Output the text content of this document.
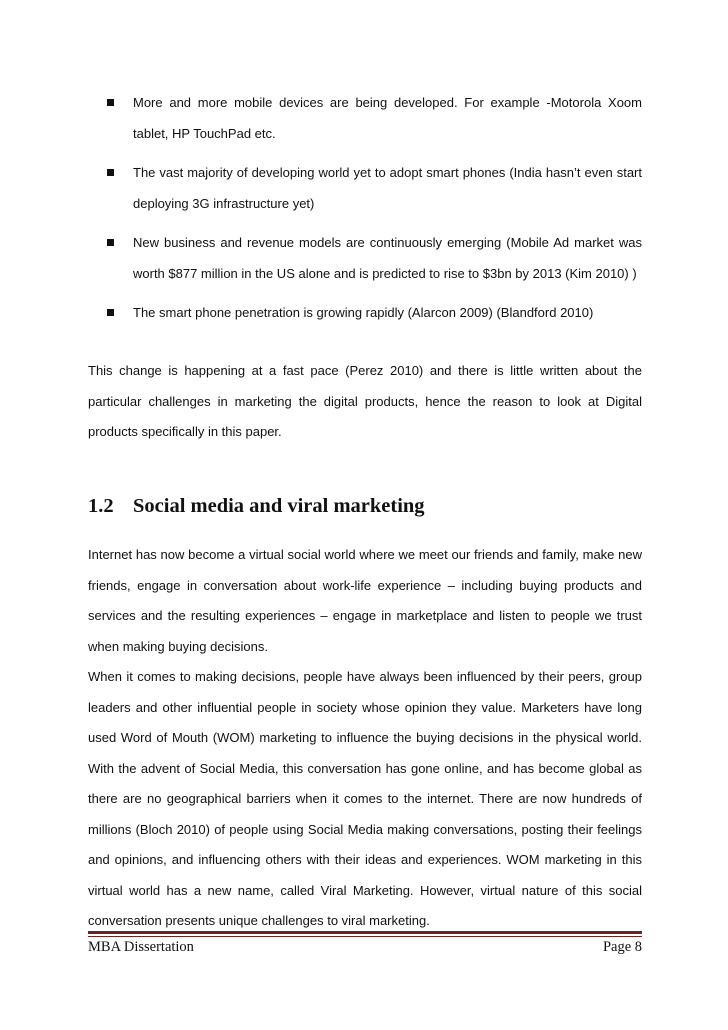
More and more mobile devices are being developed. For example -Motorola Xoom tablet, HP TouchPad etc.
The vast majority of developing world yet to adopt smart phones (India hasn’t even start deploying 3G infrastructure yet)
New business and revenue models are continuously emerging (Mobile Ad market was worth $877 million in the US alone and is predicted to rise to $3bn by 2013 (Kim 2010) )
The smart phone penetration is growing rapidly (Alarcon 2009) (Blandford 2010)

This change is happening at a fast pace (Perez 2010) and there is little written about the particular challenges in marketing the digital products, hence the reason to look at Digital products specifically in this paper.

1.2 Social media and viral marketing

Internet has now become a virtual social world where we meet our friends and family, make new friends, engage in conversation about work-life experience – including buying products and services and the resulting experiences – engage in marketplace and listen to people we trust when making buying decisions.

When it comes to making decisions, people have always been influenced by their peers, group leaders and other influential people in society whose opinion they value. Marketers have long used Word of Mouth (WOM) marketing to influence the buying decisions in the physical world. With the advent of Social Media, this conversation has gone online, and has become global as there are no geographical barriers when it comes to the internet. There are now hundreds of millions (Bloch 2010) of people using Social Media making conversations, posting their feelings and opinions, and influencing others with their ideas and experiences. WOM marketing in this virtual world has a new name, called Viral Marketing. However, virtual nature of this social conversation presents unique challenges to viral marketing.

MBA Dissertation	Page 8
